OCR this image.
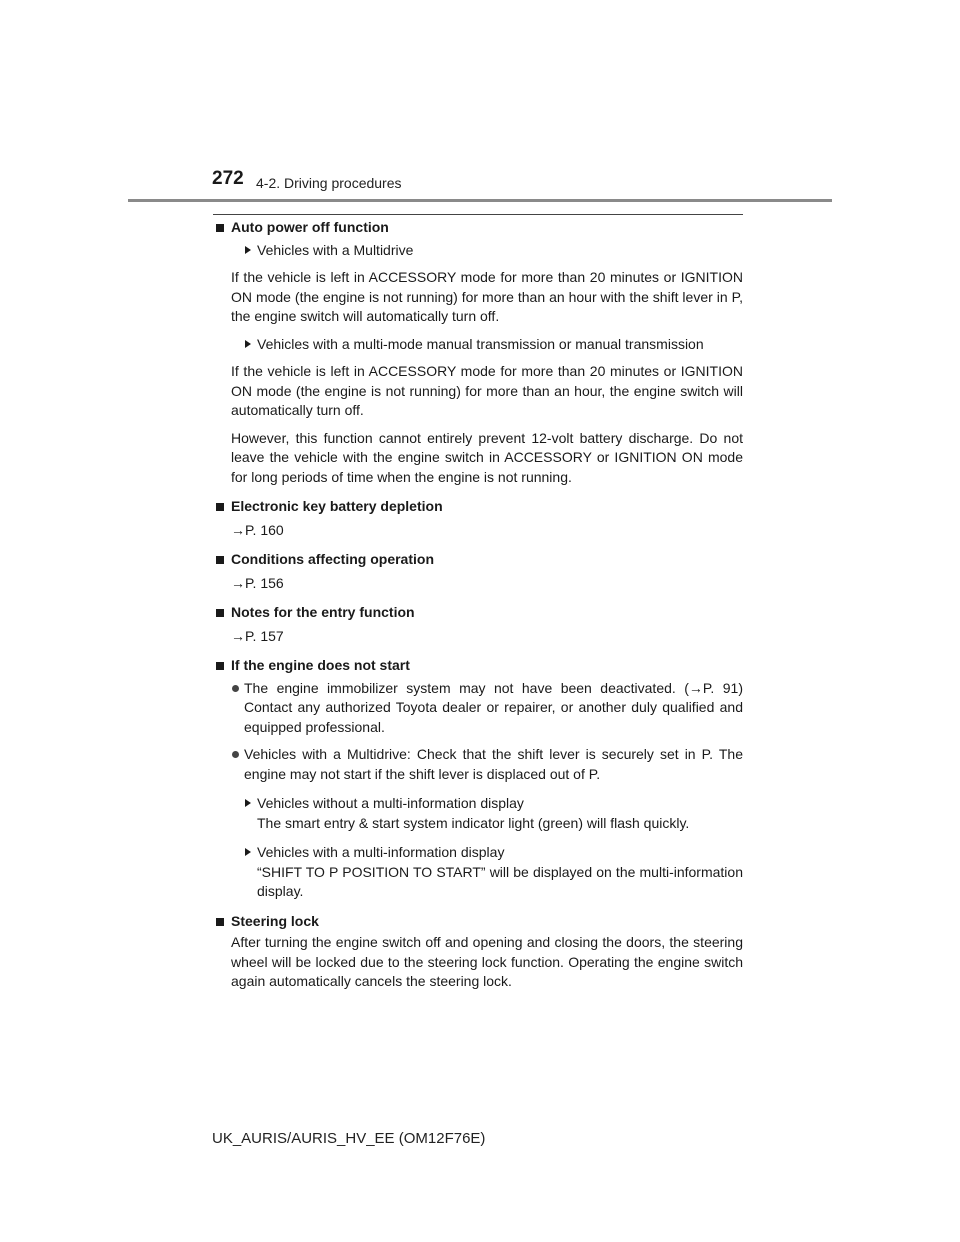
272 4-2. Driving procedures
Auto power off function
Vehicles with a Multidrive
If the vehicle is left in ACCESSORY mode for more than 20 minutes or IGNITION ON mode (the engine is not running) for more than an hour with the shift lever in P, the engine switch will automatically turn off.
Vehicles with a multi-mode manual transmission or manual transmission
If the vehicle is left in ACCESSORY mode for more than 20 minutes or IGNITION ON mode (the engine is not running) for more than an hour, the engine switch will automatically turn off.
However, this function cannot entirely prevent 12-volt battery discharge. Do not leave the vehicle with the engine switch in ACCESSORY or IGNITION ON mode for long periods of time when the engine is not running.
Electronic key battery depletion
→P. 160
Conditions affecting operation
→P. 156
Notes for the entry function
→P. 157
If the engine does not start
The engine immobilizer system may not have been deactivated. (→P. 91) Contact any authorized Toyota dealer or repairer, or another duly qualified and equipped professional.
Vehicles with a Multidrive: Check that the shift lever is securely set in P. The engine may not start if the shift lever is displaced out of P.
Vehicles without a multi-information display
The smart entry & start system indicator light (green) will flash quickly.
Vehicles with a multi-information display
“SHIFT TO P POSITION TO START” will be displayed on the multi-information display.
Steering lock
After turning the engine switch off and opening and closing the doors, the steering wheel will be locked due to the steering lock function. Operating the engine switch again automatically cancels the steering lock.
UK_AURIS/AURIS_HV_EE (OM12F76E)
